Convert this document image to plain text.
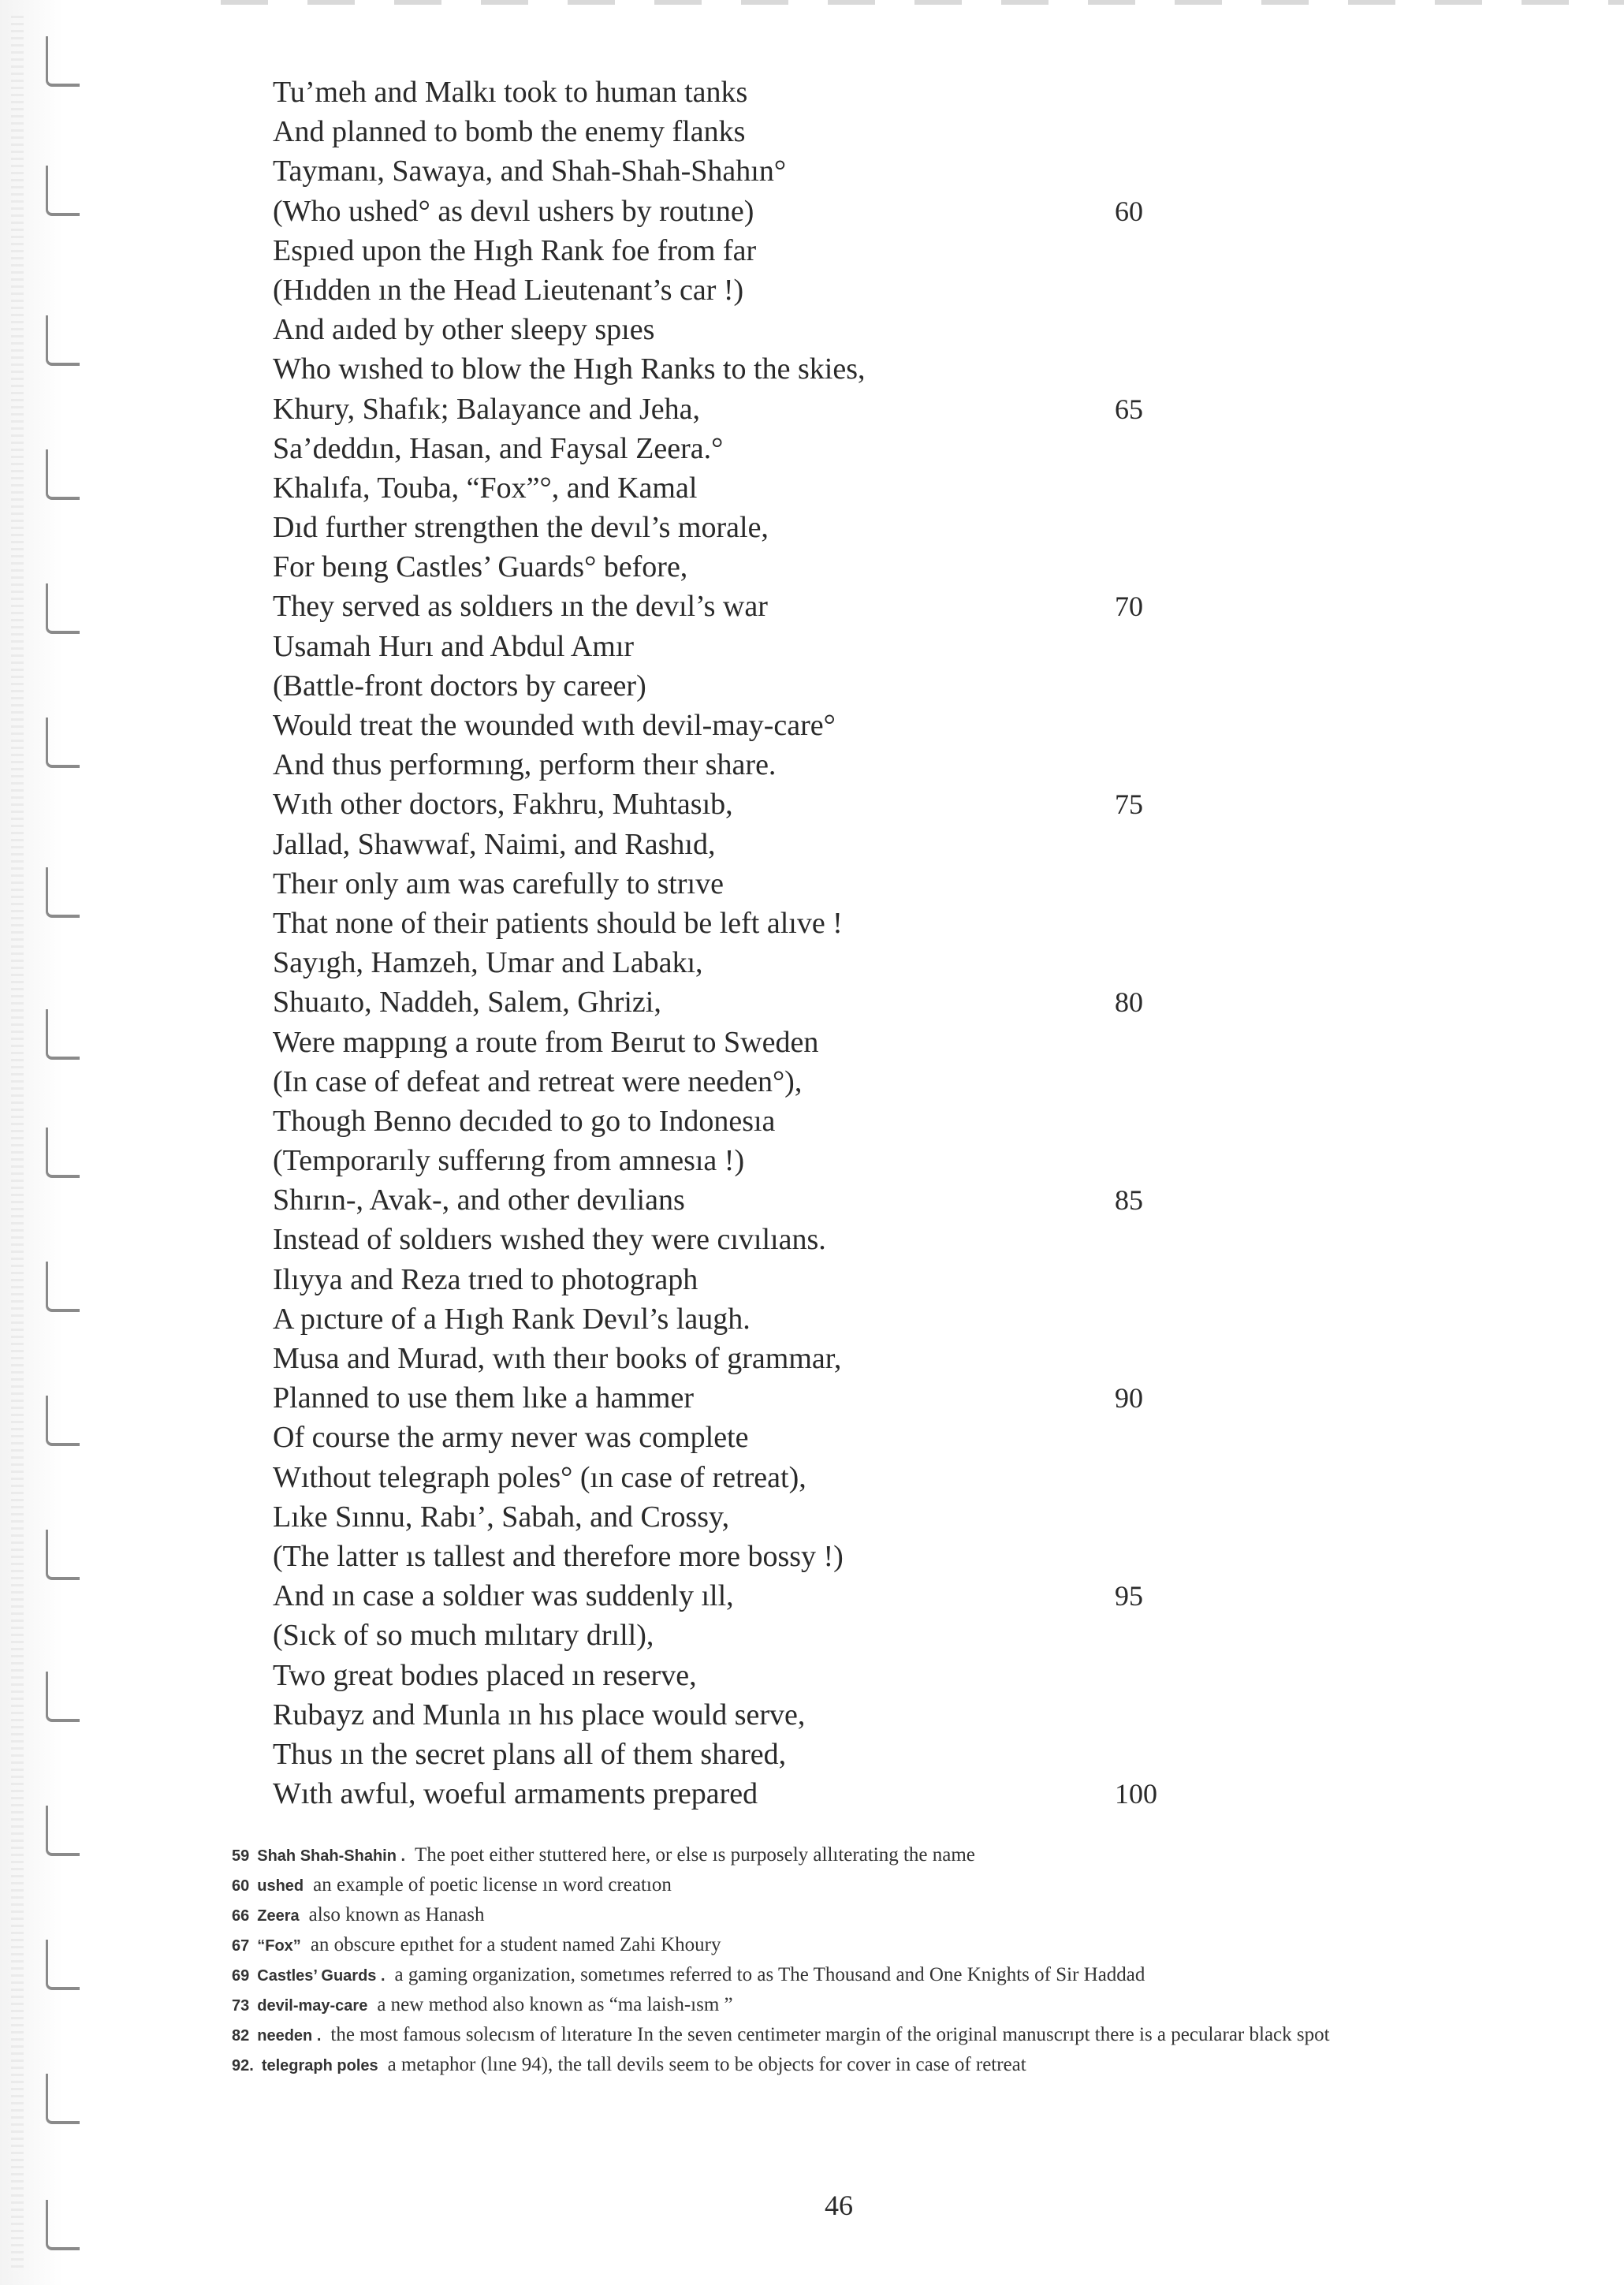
Tu’meh and Malkı took to human tanks
And planned to bomb the enemy flanks
Taymanı, Sawaya, and Shah-Shah-Shahın°
(Who ushed° as devıl ushers by routıne)	60
Espıed upon the Hıgh Rank foe from far
(Hıdden ın the Head Lieutenant’s car !)
And aıded by other sleepy spıes
Who wıshed to blow the Hıgh Ranks to the skies,
Khury, Shafık; Balayance and Jeha,	65
Sa’deddın, Hasan, and Faysal Zeera.°
Khalıfa, Touba, “Fox”°, and Kamal
Dıd further strengthen the devıl’s morale,
For beıng Castles’ Guards° before,
They served as soldıers ın the devıl’s war	70
Usamah Hurı and Abdul Amır
(Battle-front doctors by career)
Would treat the wounded wıth devil-may-care°
And thus performıng, perform theır share.
Wıth other doctors, Fakhru, Muhtasıb,	75
Jallad, Shawwaf, Naimi, and Rashıd,
Theır only aım was carefully to strıve
That none of their patients should be left alıve !
Sayıgh, Hamzeh, Umar and Labakı,
Shuaıto, Naddeh, Salem, Ghrizi,	80
Were mappıng a route from Beırut to Sweden
(In case of defeat and retreat were needen°),
Though Benno decıded to go to Indonesıa
(Temporarıly sufferıng from amnesıa !)
Shırın-, Avak-, and other devılians	85
Instead of soldıers wıshed they were cıvılıans.
Ilıyya and Reza trıed to photograph
A pıcture of a Hıgh Rank Devıl’s laugh.
Musa and Murad, wıth theır books of grammar,
Planned to use them lıke a hammer	90
Of course the army never was complete
Wıthout telegraph poles° (ın case of retreat),
Lıke Sınnu, Rabı’, Sabah, and Crossy,
(The latter ıs tallest and therefore more bossy !)
And ın case a soldıer was suddenly ıll,	95
(Sıck of so much mılıtary drıll),
Two great bodıes placed ın reserve,
Rubayz and Munla ın hıs place would serve,
Thus ın the secret plans all of them shared,
Wıth awful, woeful armaments prepared	100
59 Shah Shah-Shahin . The poet either stuttered here, or else ıs purposely allıterating the name
60 ushed an example of poetic license ın word creatıon
66 Zeera also known as Hanash
67 “Fox” an obscure epıthet for a student named Zahi Khoury
69 Castles’ Guards . a gaming organization, sometımes referred to as The Thousand and One Knights of Sir Haddad
73 devil-may-care a new method also known as “ma laish-ısm ”
82 needen . the most famous solecısm of lıterature In the seven centimeter margin of the original manuscrıpt there is a pecularar black spot
92. telegraph poles a metaphor (lıne 94), the tall devils seem to be objects for cover in case of retreat
46
